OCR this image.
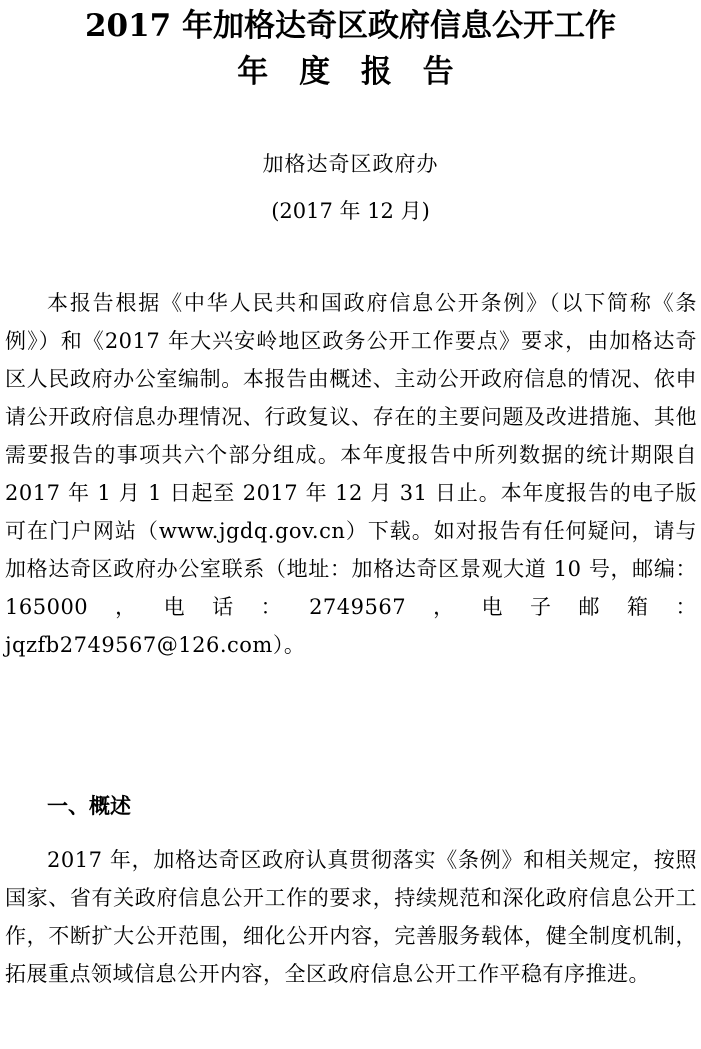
2017 年加格达奇区政府信息公开工作
年 度 报 告
加格达奇区政府办
(2017 年 12 月)

本报告根据《中华人民共和国政府信息公开条例》（以下简称《条例》）和《2017 年大兴安岭地区政务公开工作要点》要求，由加格达奇区人民政府办公室编制。本报告由概述、主动公开政府信息的情况、依申请公开政府信息办理情况、行政复议、存在的主要问题及改进措施、其他需要报告的事项共六个部分组成。本年度报告中所列数据的统计期限自 2017 年 1 月 1 日起至 2017 年 12 月 31 日止。本年度报告的电子版可在门户网站（www.jgdq.gov.cn）下载。如对报告有任何疑问，请与加格达奇区政府办公室联系（地址：加格达奇区景观大道 10 号，邮编：165000，电话：2749567，电子邮箱：jqzfb2749567@126.com）。

一、概述

2017 年，加格达奇区政府认真贯彻落实《条例》和相关规定，按照国家、省有关政府信息公开工作的要求，持续规范和深化政府信息公开工作，不断扩大公开范围，细化公开内容，完善服务载体，健全制度机制，拓展重点领域信息公开内容，全区政府信息公开工作平稳有序推进。
